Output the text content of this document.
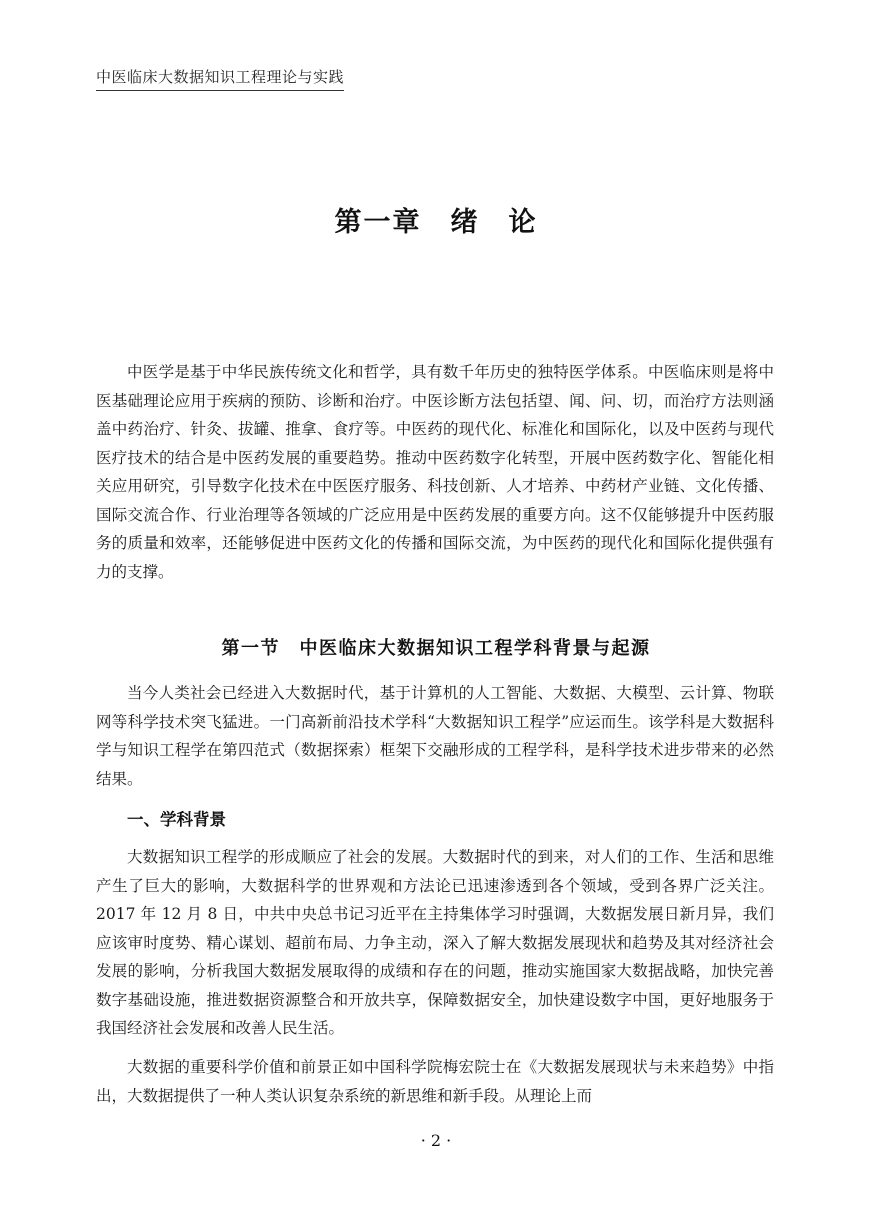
中医临床大数据知识工程理论与实践
第一章　绪　论

中医学是基于中华民族传统文化和哲学，具有数千年历史的独特医学体系。中医临床则是将中医基础理论应用于疾病的预防、诊断和治疗。中医诊断方法包括望、闻、问、切，而治疗方法则涵盖中药治疗、针灸、拔罐、推拿、食疗等。中医药的现代化、标准化和国际化，以及中医药与现代医疗技术的结合是中医药发展的重要趋势。推动中医药数字化转型，开展中医药数字化、智能化相关应用研究，引导数字化技术在中医医疗服务、科技创新、人才培养、中药材产业链、文化传播、国际交流合作、行业治理等各领域的广泛应用是中医药发展的重要方向。这不仅能够提升中医药服务的质量和效率，还能够促进中医药文化的传播和国际交流，为中医药的现代化和国际化提供强有力的支撑。

第一节　中医临床大数据知识工程学科背景与起源

当今人类社会已经进入大数据时代，基于计算机的人工智能、大数据、大模型、云计算、物联网等科学技术突飞猛进。一门高新前沿技术学科“大数据知识工程学”应运而生。该学科是大数据科学与知识工程学在第四范式（数据探索）框架下交融形成的工程学科，是科学技术进步带来的必然结果。

一、学科背景

大数据知识工程学的形成顺应了社会的发展。大数据时代的到来，对人们的工作、生活和思维产生了巨大的影响，大数据科学的世界观和方法论已迅速渗透到各个领域，受到各界广泛关注。2017 年 12 月 8 日，中共中央总书记习近平在主持集体学习时强调，大数据发展日新月异，我们应该审时度势、精心谋划、超前布局、力争主动，深入了解大数据发展现状和趋势及其对经济社会发展的影响，分析我国大数据发展取得的成绩和存在的问题，推动实施国家大数据战略，加快完善数字基础设施，推进数据资源整合和开放共享，保障数据安全，加快建设数字中国，更好地服务于我国经济社会发展和改善人民生活。

大数据的重要科学价值和前景正如中国科学院梅宏院士在《大数据发展现状与未来趋势》中指出，大数据提供了一种人类认识复杂系统的新思维和新手段。从理论上而

· 2 ·
